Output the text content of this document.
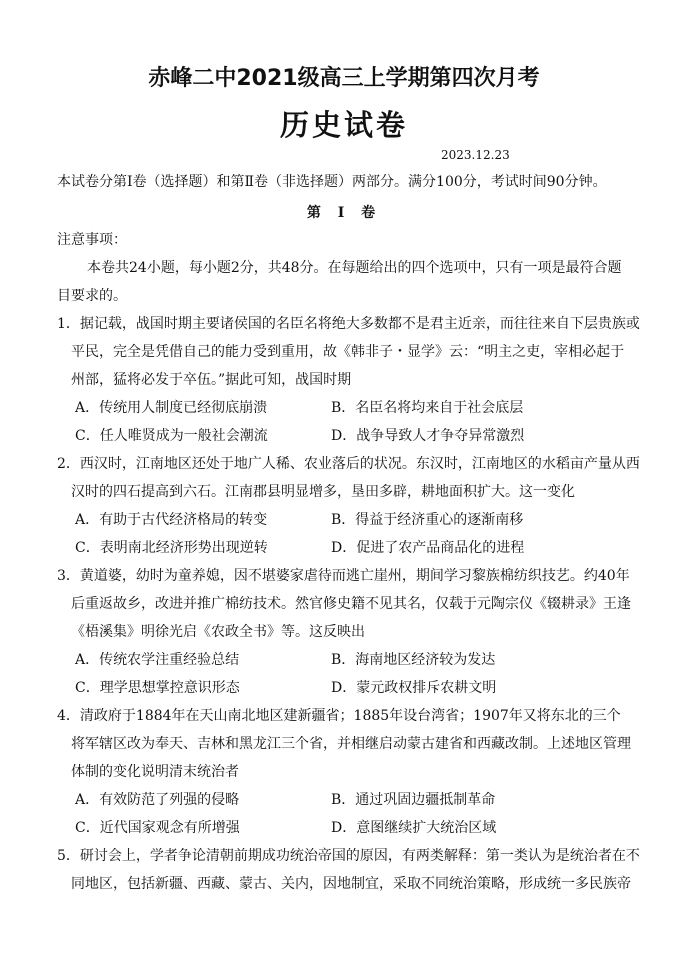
赤峰二中2021级高三上学期第四次月考
历史试卷
2023.12.23
本试卷分第Ⅰ卷（选择题）和第Ⅱ卷（非选择题）两部分。满分100分，考试时间90分钟。
第 Ⅰ 卷
注意事项：
本卷共24小题，每小题2分，共48分。在每题给出的四个选项中，只有一项是最符合题
目要求的。
1．据记载，战国时期主要诸侯国的名臣名将绝大多数都不是君主近亲，而往往来自下层贵族或
平民，完全是凭借自己的能力受到重用，故《韩非子・显学》云：“明主之吏，宰相必起于
州部，猛将必发于卒伍。”据此可知，战国时期
A．传统用人制度已经彻底崩溃	B．名臣名将均来自于社会底层
C．任人唯贤成为一般社会潮流	D．战争导致人才争夺异常激烈
2．西汉时，江南地区还处于地广人稀、农业落后的状况。东汉时，江南地区的水稻亩产量从西
汉时的四石提高到六石。江南郡县明显增多，垦田多辟，耕地面积扩大。这一变化
A．有助于古代经济格局的转变	B．得益于经济重心的逐渐南移
C．表明南北经济形势出现逆转	D．促进了农产品商品化的进程
3．黄道婆，幼时为童养媳，因不堪婆家虐待而逃亡崖州，期间学习黎族棉纺织技艺。约40年
后重返故乡，改进并推广棉纺技术。然官修史籍不见其名，仅载于元陶宗仪《辍耕录》王逢
《梧溪集》明徐光启《农政全书》等。这反映出
A．传统农学注重经验总结	B．海南地区经济较为发达
C．理学思想掌控意识形态	D．蒙元政权排斥农耕文明
4．清政府于1884年在天山南北地区建新疆省；1885年设台湾省；1907年又将东北的三个
将军辖区改为奉天、吉林和黑龙江三个省，并相继启动蒙古建省和西藏改制。上述地区管理
体制的变化说明清末统治者
A．有效防范了列强的侵略	B．通过巩固边疆抵制革命
C．近代国家观念有所增强	D．意图继续扩大统治区域
5．研讨会上，学者争论清朝前期成功统治帝国的原因，有两类解释：第一类认为是统治者在不
同地区，包括新疆、西藏、蒙古、关内，因地制宜，采取不同统治策略，形成统一多民族帝
